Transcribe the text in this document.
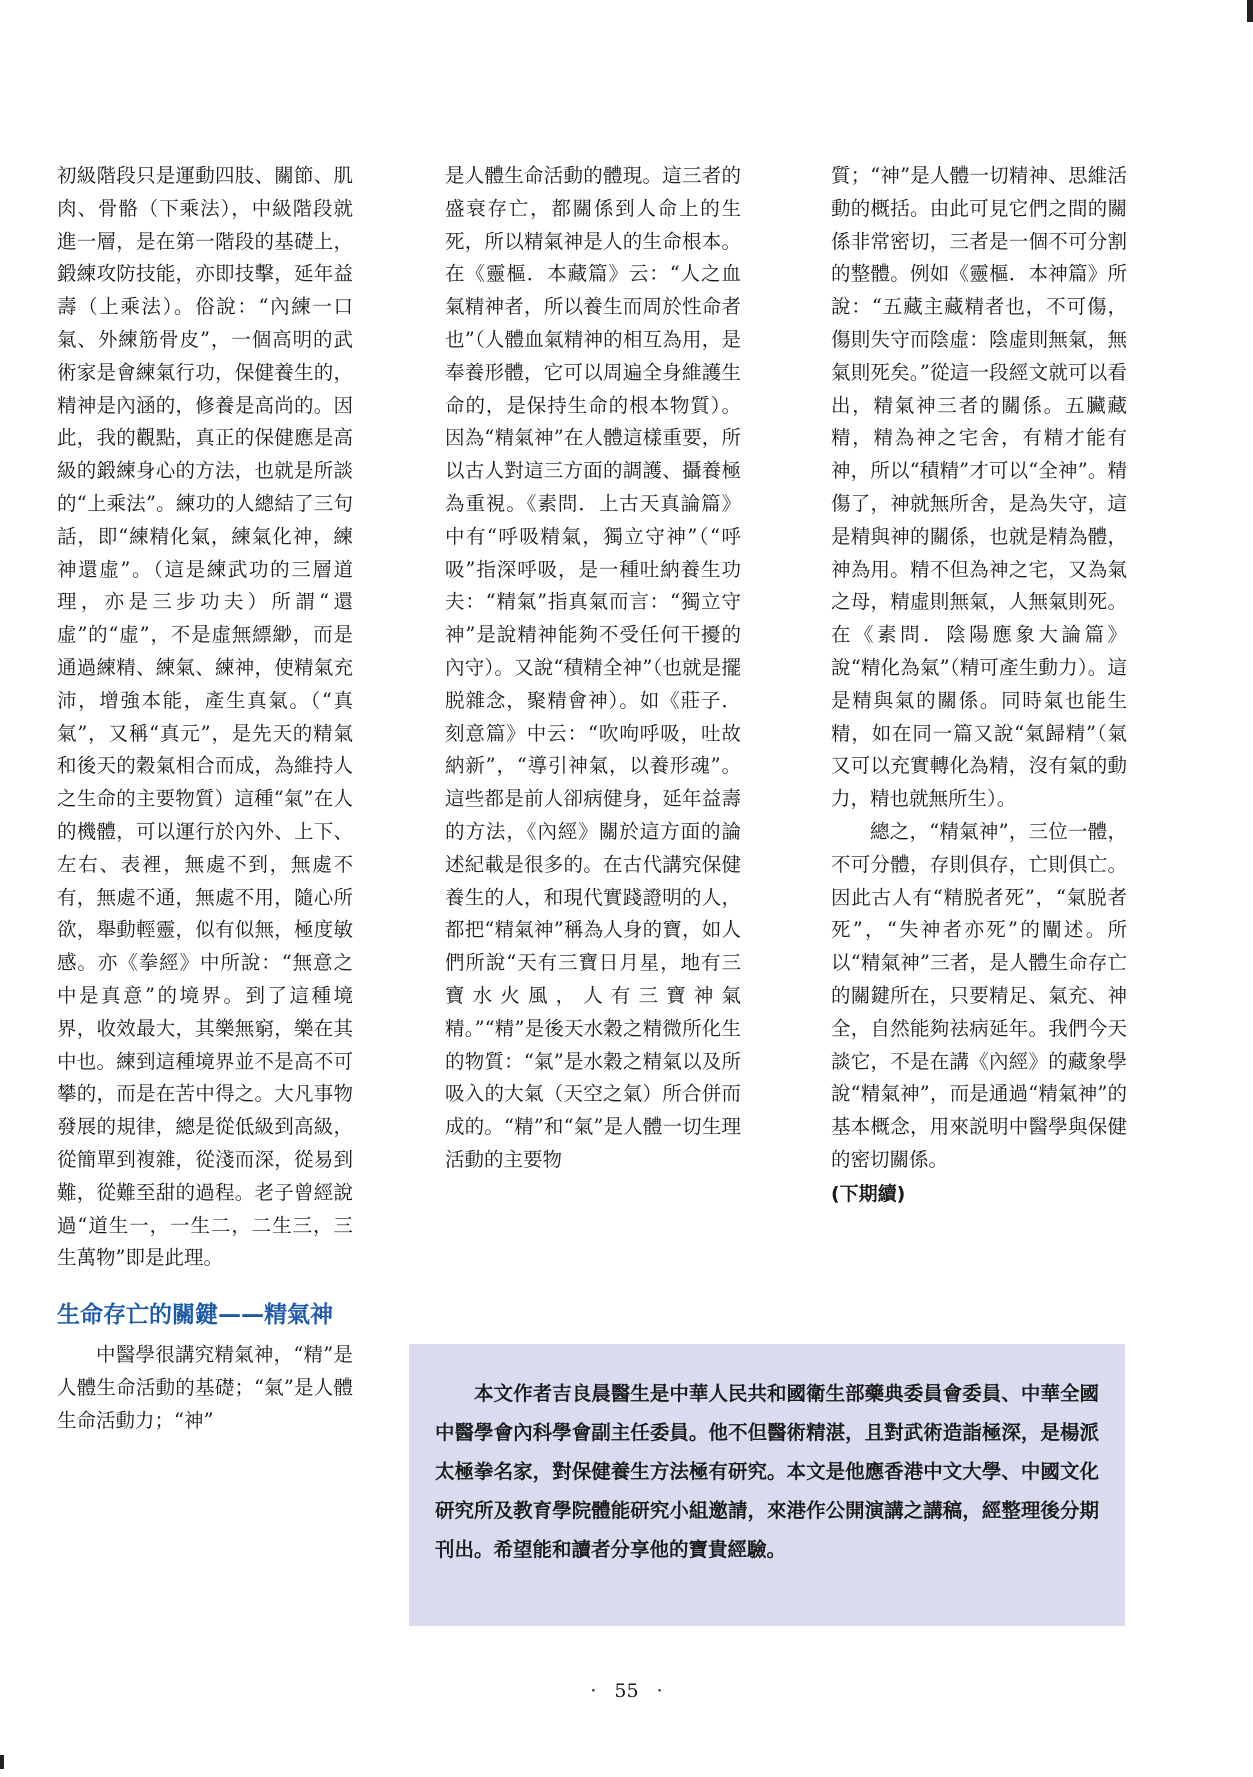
初級階段只是運動四肢、關節、肌肉、骨骼（下乘法），中級階段就進一層，是在第一階段的基礎上，鍛練攻防技能，亦即技擊，延年益壽（上乘法）。俗說：“內練一口氣、外練筋骨皮”，一個高明的武術家是會練氣行功，保健養生的，精神是內涵的，修養是高尚的。因此，我的觀點，真正的保健應是高級的鍛練身心的方法，也就是所談的“上乘法”。練功的人總結了三句話，即“練精化氣，練氣化神，練神還虛”。（這是練武功的三層道理，亦是三步功夫）所謂“還虛”的“虛”，不是虛無縹緲，而是通過練精、練氣、練神，使精氣充沛，增強本能，產生真氣。（“真氣”，又稱“真元”，是先天的精氣和後天的穀氣相合而成，為維持人之生命的主要物質）這種“氣”在人的機體，可以運行於內外、上下、左右、表裡，無處不到，無處不有，無處不通，無處不用，隨心所欲，舉動輕靈，似有似無，極度敏感。亦《拳經》中所說：“無意之中是真意”的境界。到了這種境界，收效最大，其樂無窮，樂在其中也。練到這種境界並不是高不可攀的，而是在苦中得之。大凡事物發展的規律，總是從低級到高級，從簡單到複雜，從淺而深，從易到難，從難至甜的過程。老子曾經說過“道生一，一生二，二生三，三生萬物”即是此理。

生命存亡的關鍵——精氣神

中醫學很講究精氣神，“精”是人體生命活動的基礎；“氣”是人體生命活動力；“神”

是人體生命活動的體現。這三者的盛衰存亡，都關係到人命上的生死，所以精氣神是人的生命根本。在《靈樞．本藏篇》云：“人之血氣精神者，所以養生而周於性命者也”（人體血氣精神的相互為用，是奉養形體，它可以周遍全身維護生命的，是保持生命的根本物質）。因為“精氣神”在人體這樣重要，所以古人對這三方面的調護、攝養極為重視。《素問．上古天真論篇》中有“呼吸精氣，獨立守神”（“呼吸”指深呼吸，是一種吐納養生功夫：“精氣”指真氣而言：“獨立守神”是說精神能夠不受任何干擾的內守）。又說“積精全神”（也就是擺脱雜念，聚精會神）。如《莊子．刻意篇》中云：“吹呴呼吸，吐故納新”，“導引神氣，以養形魂”。這些都是前人卻病健身，延年益壽的方法，《內經》關於這方面的論述紀載是很多的。在古代講究保健養生的人，和現代實踐證明的人，都把“精氣神”稱為人身的寶，如人們所說“天有三寶日月星，地有三寶水火風，人有三寶神氣精。”“精”是後天水穀之精微所化生的物質：“氣”是水穀之精氣以及所吸入的大氣（天空之氣）所合併而成的。“精”和“氣”是人體一切生理活動的主要物

質；“神”是人體一切精神、思維活動的概括。由此可見它們之間的關係非常密切，三者是一個不可分割的整體。例如《靈樞．本神篇》所說：“五藏主藏精者也，不可傷，傷則失守而陰虛：陰虛則無氣，無氣則死矣。”從這一段經文就可以看出，精氣神三者的關係。五臟藏精，精為神之宅舍，有精才能有神，所以“積精”才可以“全神”。精傷了，神就無所舍，是為失守，這是精與神的關係，也就是精為體，神為用。精不但為神之宅，又為氣之母，精虛則無氣，人無氣則死。在《素問．陰陽應象大論篇》說“精化為氣”（精可產生動力）。這是精與氣的關係。同時氣也能生精，如在同一篇又說“氣歸精”（氣又可以充實轉化為精，沒有氣的動力，精也就無所生）。

總之，“精氣神”，三位一體，不可分體，存則俱存，亡則俱亡。因此古人有“精脱者死”，“氣脱者死”，“失神者亦死”的闡述。所以“精氣神”三者，是人體生命存亡的關鍵所在，只要精足、氣充、神全，自然能夠祛病延年。我們今天談它，不是在講《內經》的藏象學說“精氣神”，而是通過“精氣神”的基本概念，用來説明中醫學與保健的密切關係。

(下期續)

本文作者吉良晨醫生是中華人民共和國衛生部藥典委員會委員、中華全國中醫學會內科學會副主任委員。他不但醫術精湛，且對武術造詣極深，是楊派太極拳名家，對保健養生方法極有研究。本文是他應香港中文大學、中國文化研究所及教育學院體能研究小組邀請，來港作公開演講之講稿，經整理後分期刊出。希望能和讀者分享他的寶貴經驗。

· 55 ·
